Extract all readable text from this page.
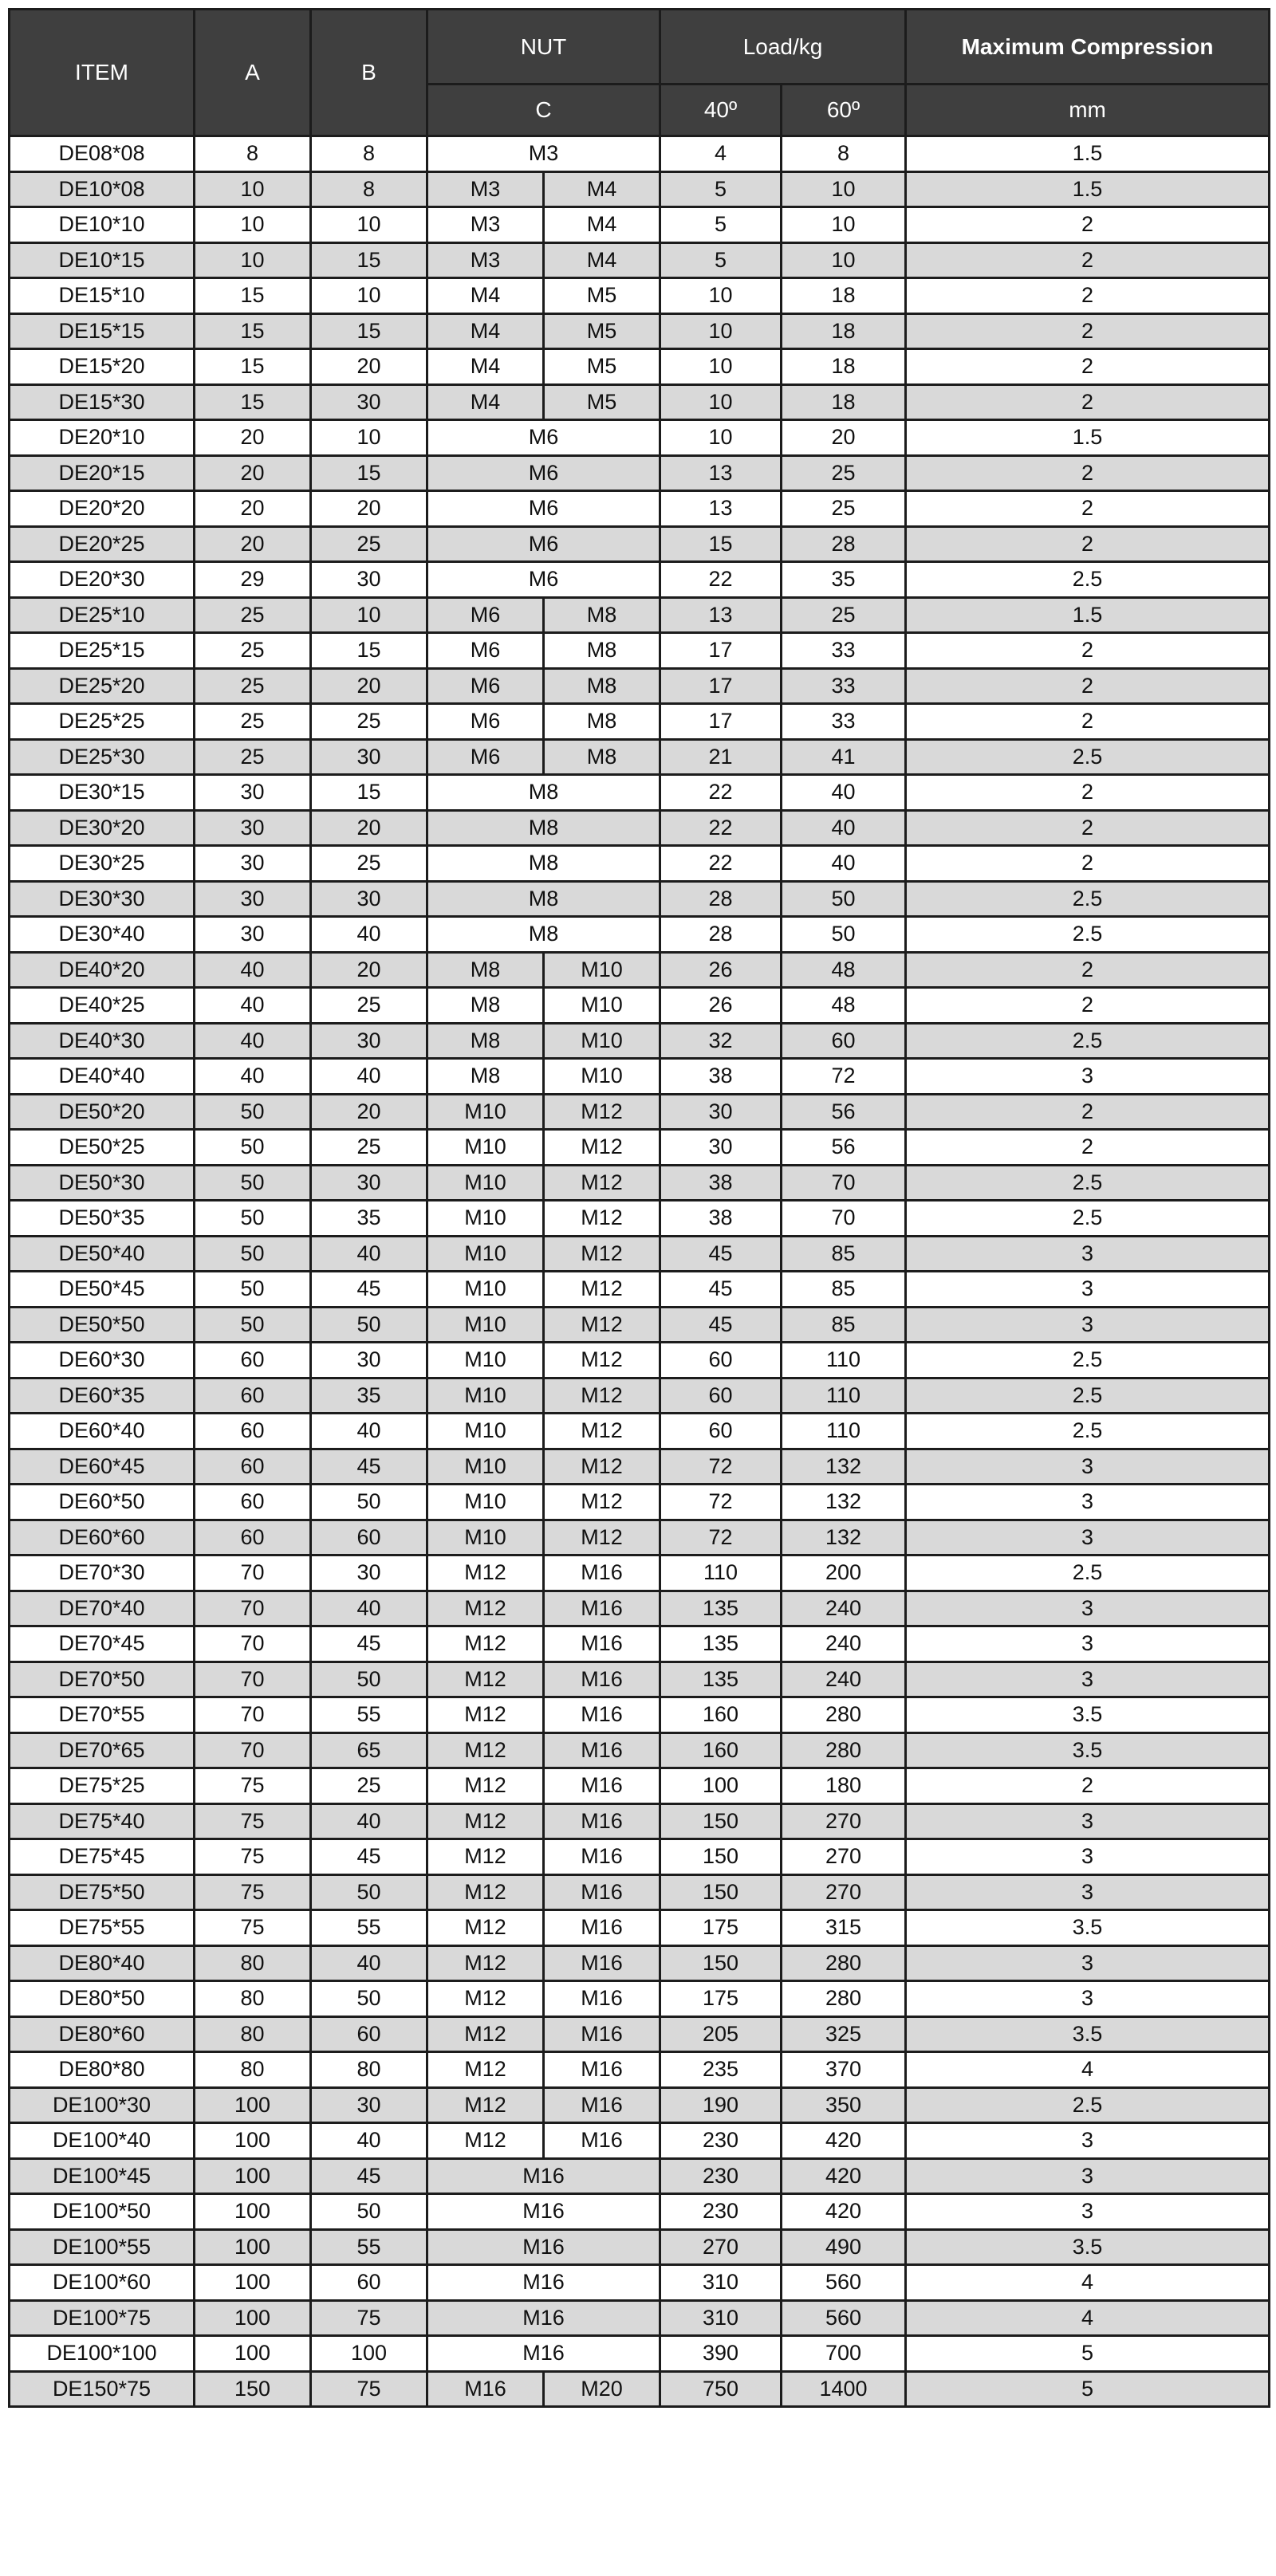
ITEM	A	B	NUT		Load/kg		Maximum Compression
			C		40º	60º	mm
DE08*08	8	8	M3		4	8	1.5
DE10*08	10	8	M3	M4	5	10	1.5
DE10*10	10	10	M3	M4	5	10	2
DE10*15	10	15	M3	M4	5	10	2
DE15*10	15	10	M4	M5	10	18	2
DE15*15	15	15	M4	M5	10	18	2
DE15*20	15	20	M4	M5	10	18	2
DE15*30	15	30	M4	M5	10	18	2
DE20*10	20	10	M6		10	20	1.5
DE20*15	20	15	M6		13	25	2
DE20*20	20	20	M6		13	25	2
DE20*25	20	25	M6		15	28	2
DE20*30	29	30	M6		22	35	2.5
DE25*10	25	10	M6	M8	13	25	1.5
DE25*15	25	15	M6	M8	17	33	2
DE25*20	25	20	M6	M8	17	33	2
DE25*25	25	25	M6	M8	17	33	2
DE25*30	25	30	M6	M8	21	41	2.5
DE30*15	30	15	M8		22	40	2
DE30*20	30	20	M8		22	40	2
DE30*25	30	25	M8		22	40	2
DE30*30	30	30	M8		28	50	2.5
DE30*40	30	40	M8		28	50	2.5
DE40*20	40	20	M8	M10	26	48	2
DE40*25	40	25	M8	M10	26	48	2
DE40*30	40	30	M8	M10	32	60	2.5
DE40*40	40	40	M8	M10	38	72	3
DE50*20	50	20	M10	M12	30	56	2
DE50*25	50	25	M10	M12	30	56	2
DE50*30	50	30	M10	M12	38	70	2.5
DE50*35	50	35	M10	M12	38	70	2.5
DE50*40	50	40	M10	M12	45	85	3
DE50*45	50	45	M10	M12	45	85	3
DE50*50	50	50	M10	M12	45	85	3
DE60*30	60	30	M10	M12	60	110	2.5
DE60*35	60	35	M10	M12	60	110	2.5
DE60*40	60	40	M10	M12	60	110	2.5
DE60*45	60	45	M10	M12	72	132	3
DE60*50	60	50	M10	M12	72	132	3
DE60*60	60	60	M10	M12	72	132	3
DE70*30	70	30	M12	M16	110	200	2.5
DE70*40	70	40	M12	M16	135	240	3
DE70*45	70	45	M12	M16	135	240	3
DE70*50	70	50	M12	M16	135	240	3
DE70*55	70	55	M12	M16	160	280	3.5
DE70*65	70	65	M12	M16	160	280	3.5
DE75*25	75	25	M12	M16	100	180	2
DE75*40	75	40	M12	M16	150	270	3
DE75*45	75	45	M12	M16	150	270	3
DE75*50	75	50	M12	M16	150	270	3
DE75*55	75	55	M12	M16	175	315	3.5
DE80*40	80	40	M12	M16	150	280	3
DE80*50	80	50	M12	M16	175	280	3
DE80*60	80	60	M12	M16	205	325	3.5
DE80*80	80	80	M12	M16	235	370	4
DE100*30	100	30	M12	M16	190	350	2.5
DE100*40	100	40	M12	M16	230	420	3
DE100*45	100	45	M16		230	420	3
DE100*50	100	50	M16		230	420	3
DE100*55	100	55	M16		270	490	3.5
DE100*60	100	60	M16		310	560	4
DE100*75	100	75	M16		310	560	4
DE100*100	100	100	M16		390	700	5
DE150*75	150	75	M16	M20	750	1400	5
